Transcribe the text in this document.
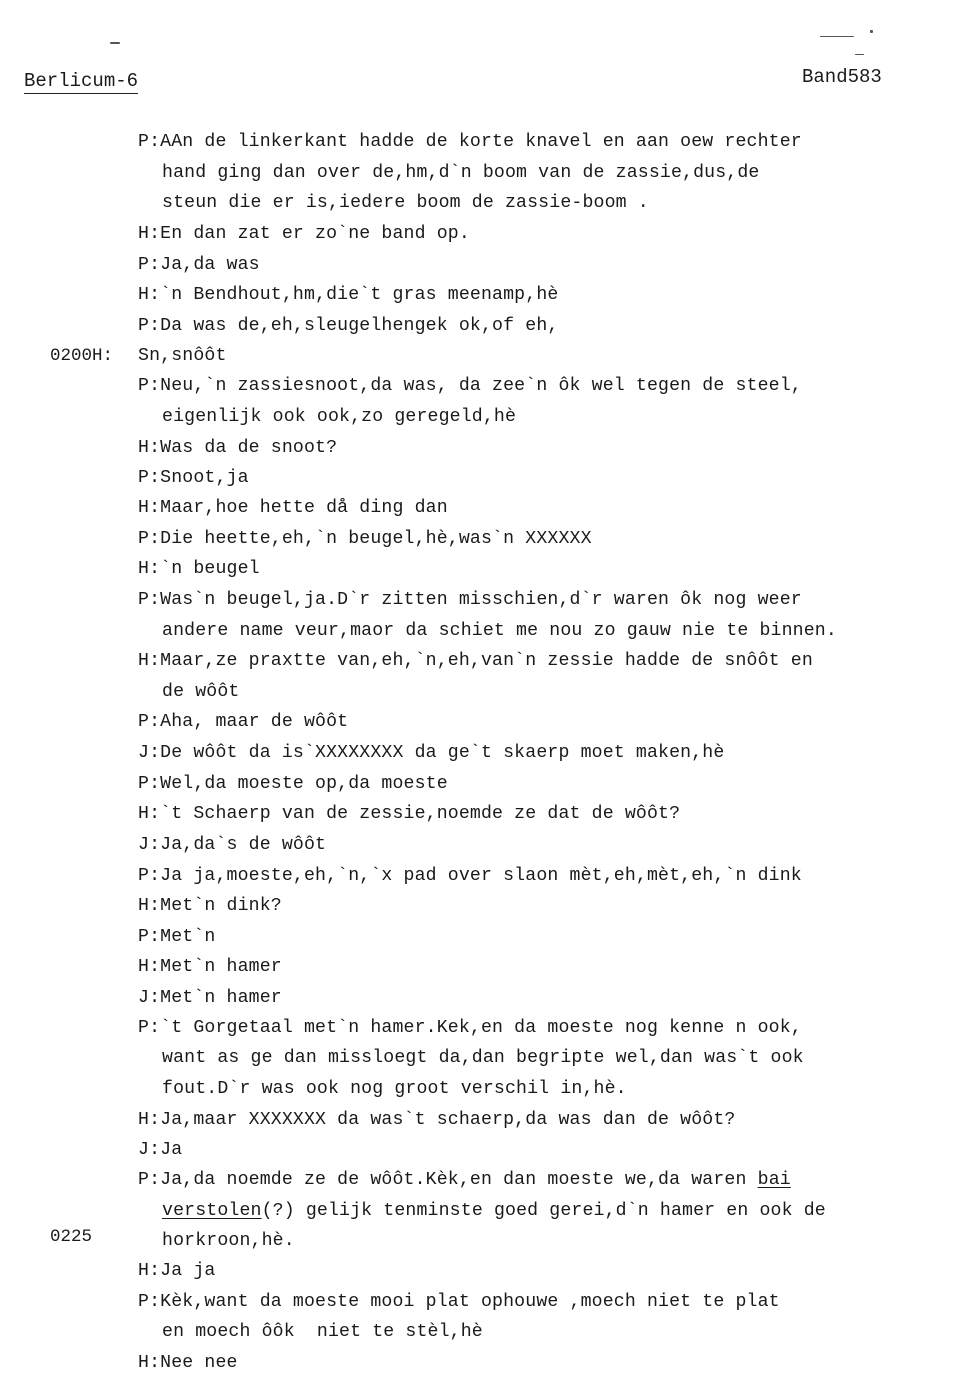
Berlicum-6	Band583
0200H:
0225
P:AAn de linkerkant hadde de korte knavel en aan oew rechter
hand ging dan over de,hm,d`n boom van de zassie,dus,de
steun die er is,iedere boom de zassie-boom .
H:En dan zat er zo`ne band op.
P:Ja,da was
H:`n Bendhout,hm,die`t gras meenamp,hè
P:Da was de,eh,sleugelhengek ok,of eh,
Sn,snôôt
P:Neu,`n zassiesnoot,da was, da zee`n ôk wel tegen de steel,
eigenlijk ook ook,zo geregeld,hè
H:Was da de snoot?
P:Snoot,ja
H:Maar,hoe hette då ding dan
P:Die heette,eh,`n beugel,hè,was`n XXXXXX
H:`n beugel
P:Was`n beugel,ja.D`r zitten misschien,d`r waren ôk nog weer
andere name veur,maor da schiet me nou zo gauw nie te binnen.
H:Maar,ze praxtte van,eh,`n,eh,van`n zessie hadde de snôôt en
de wôôt
P:Aha, maar de wôôt
J:De wôôt da is`XXXXXXXX da ge`t skaerp moet maken,hè
P:Wel,da moeste op,da moeste
H:`t Schaerp van de zessie,noemde ze dat de wôôt?
J:Ja,da`s de wôôt
P:Ja ja,moeste,eh,`n,`x pad over slaon mèt,eh,mèt,eh,`n dink
H:Met`n dink?
P:Met`n
H:Met`n hamer
J:Met`n hamer
P:`t Gorgetaal met`n hamer.Kek,en da moeste nog kenne n ook,
want as ge dan missloegt da,dan begripte wel,dan was`t ook
fout.D`r was ook nog groot verschil in,hè.
H:Ja,maar XXXXXXX da was`t schaerp,da was dan de wôôt?
J:Ja
P:Ja,da noemde ze de wôôt.Kèk,en dan moeste we,da waren bai
verstolen(?) gelijk tenminste goed gerei,d`n hamer en ook de
horkroon,hè.
H:Ja ja
P:Kèk,want da moeste mooi plat ophouwe ,moech niet te plat
en moech ôôk  niet te stèl,hè
H:Nee nee
